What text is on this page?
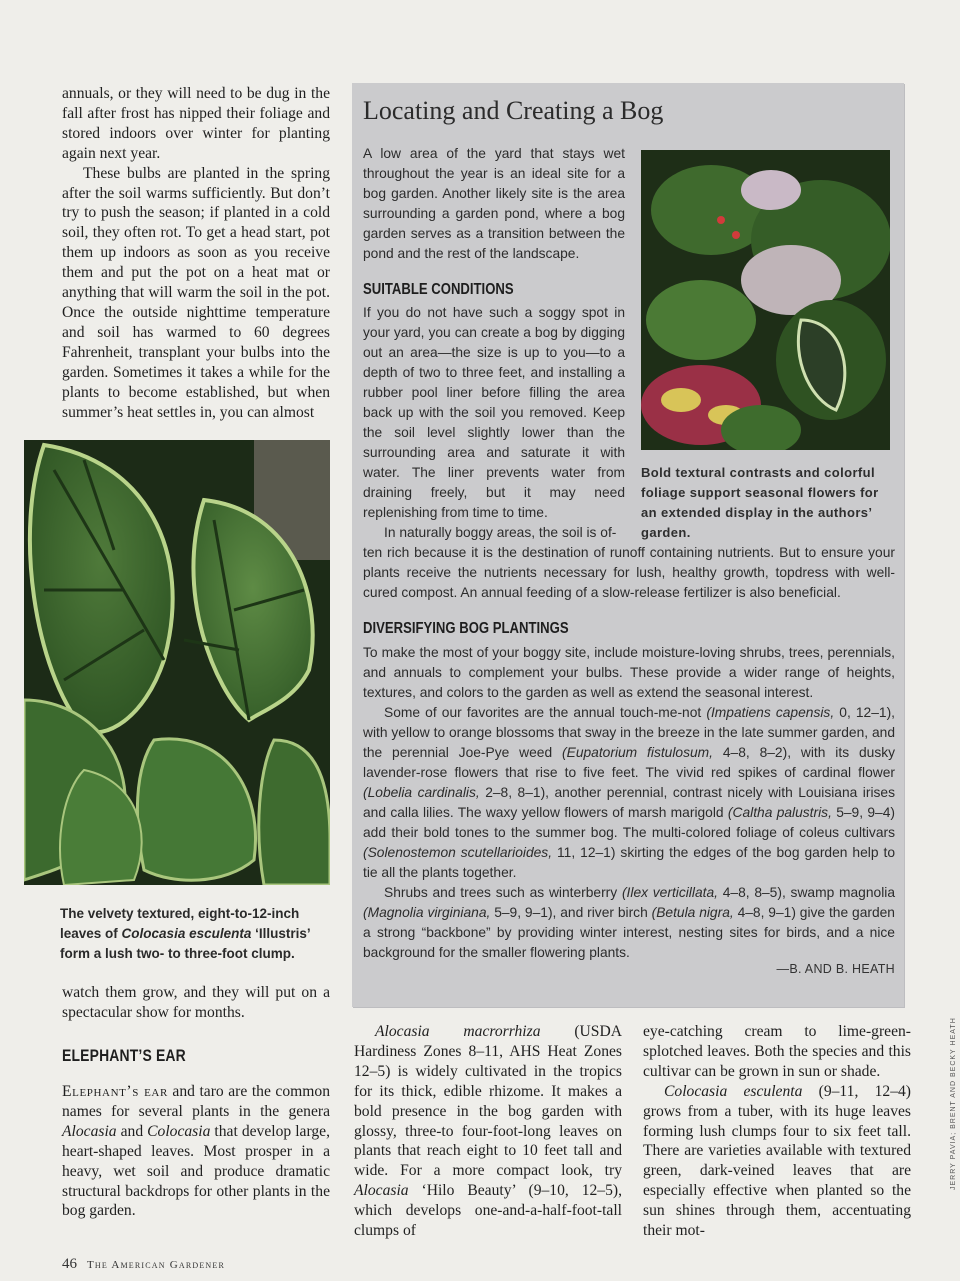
annuals, or they will need to be dug in the fall after frost has nipped their foliage and stored indoors over winter for planting again next year.

These bulbs are planted in the spring after the soil warms sufficiently. But don’t try to push the season; if planted in a cold soil, they often rot. To get a head start, pot them up indoors as soon as you receive them and put the pot on a heat mat or anything that will warm the soil in the pot. Once the outside nighttime temperature and soil has warmed to 60 degrees Fahrenheit, transplant your bulbs into the garden. Sometimes it takes a while for the plants to become established, but when summer’s heat settles in, you can almost

The velvety textured, eight-to-12-inch leaves of Colocasia esculenta ‘Illustris’ form a lush two- to three-foot clump.

watch them grow, and they will put on a spectacular show for months.

ELEPHANT’S EAR

Elephant’s ear and taro are the common names for several plants in the genera Alocasia and Colocasia that develop large, heart-shaped leaves. Most prosper in a heavy, wet soil and produce dramatic structural backdrops for other plants in the bog garden.

Locating and Creating a Bog
A low area of the yard that stays wet throughout the year is an ideal site for a bog garden. Another likely site is the area surrounding a garden pond, where a bog garden serves as a transition between the pond and the rest of the landscape.
Bold textural contrasts and colorful foliage support seasonal flowers for an extended display in the authors’ garden.
SUITABLE CONDITIONS

If you do not have such a soggy spot in your yard, you can create a bog by digging out an area—the size is up to you—to a depth of two to three feet, and installing a rubber pool liner before filling the area back up with the soil you removed. Keep the soil level slightly lower than the surrounding area and saturate it with water. The liner prevents water from draining freely, but it may need replenishing from time to time.

In naturally boggy areas, the soil is of-

ten rich because it is the destination of runoff containing nutrients. But to ensure your plants receive the nutrients necessary for lush, healthy growth, topdress with well-cured compost. An annual feeding of a slow-release fertilizer is also beneficial.

DIVERSIFYING BOG PLANTINGS

To make the most of your boggy site, include moisture-loving shrubs, trees, perennials, and annuals to complement your bulbs. These provide a wider range of heights, textures, and colors to the garden as well as extend the seasonal interest.

Some of our favorites are the annual touch-me-not (Impatiens capensis, 0, 12–1), with yellow to orange blossoms that sway in the breeze in the late summer garden, and the perennial Joe-Pye weed (Eupatorium fistulosum, 4–8, 8–2), with its dusky lavender-rose flowers that rise to five feet. The vivid red spikes of cardinal flower (Lobelia cardinalis, 2–8, 8–1), another perennial, contrast nicely with Louisiana irises and calla lilies. The waxy yellow flowers of marsh marigold (Caltha palustris, 5–9, 9–4) add their bold tones to the summer bog. The multi-colored foliage of coleus cultivars (Solenostemon scutellarioides, 11, 12–1) skirting the edges of the bog garden help to tie all the plants together.

Shrubs and trees such as winterberry (Ilex verticillata, 4–8, 8–5), swamp magnolia (Magnolia virginiana, 5–9, 9–1), and river birch (Betula nigra, 4–8, 9–1) give the garden a strong “backbone” by providing winter interest, nesting sites for birds, and a nice background for the smaller flowering plants.

—B. AND B. HEATH

Alocasia macrorrhiza (USDA Hardiness Zones 8–11, AHS Heat Zones 12–5) is widely cultivated in the tropics for its thick, edible rhizome. It makes a bold presence in the bog garden with glossy, three-to four-foot-long leaves on plants that reach eight to 10 feet tall and wide. For a more compact look, try Alocasia ‘Hilo Beauty’ (9–10, 12–5), which develops one-and-a-half-foot-tall clumps of

eye-catching cream to lime-green-splotched leaves. Both the species and this cultivar can be grown in sun or shade.

Colocasia esculenta (9–11, 12–4) grows from a tuber, with its huge leaves forming lush clumps four to six feet tall. There are varieties available with textured green, dark-veined leaves that are especially effective when planted so the sun shines through them, accentuating their mot-

46 The American Gardener
JERRY PAVIA; BRENT AND BECKY HEATH
